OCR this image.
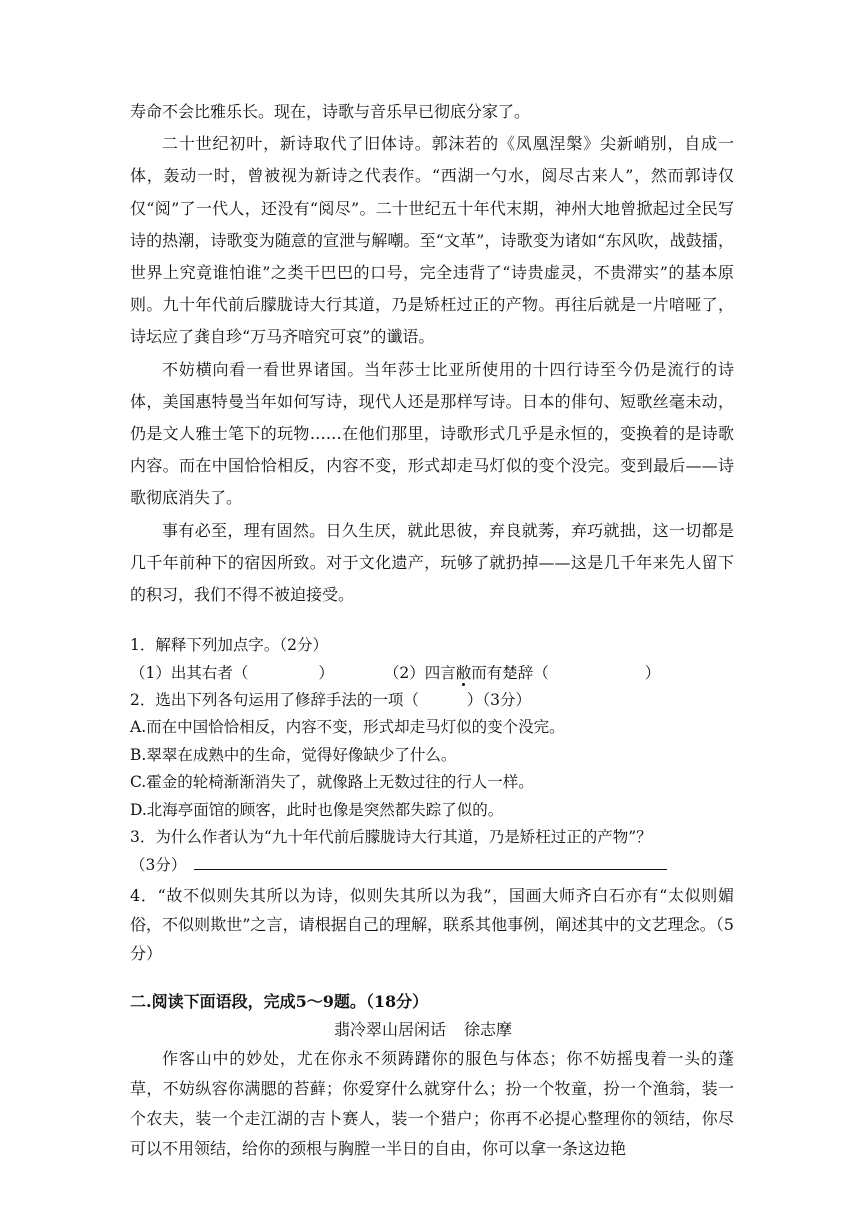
寿命不会比雅乐长。现在，诗歌与音乐早已彻底分家了。

二十世纪初叶，新诗取代了旧体诗。郭沫若的《凤凰涅槃》尖新峭别，自成一体，轰动一时，曾被视为新诗之代表作。“西湖一勺水，阅尽古来人”，然而郭诗仅仅“阅”了一代人，还没有“阅尽”。二十世纪五十年代末期，神州大地曾掀起过全民写诗的热潮，诗歌变为随意的宣泄与解嘲。至“文革”，诗歌变为诸如“东风吹，战鼓擂，世界上究竟谁怕谁”之类干巴巴的口号，完全违背了“诗贵虚灵，不贵滞实”的基本原则。九十年代前后朦胧诗大行其道，乃是矫枉过正的产物。再往后就是一片喑哑了，诗坛应了龚自珍“万马齐喑究可哀”的谶语。

不妨横向看一看世界诸国。当年莎士比亚所使用的十四行诗至今仍是流行的诗体，美国惠特曼当年如何写诗，现代人还是那样写诗。日本的俳句、短歌丝毫未动，仍是文人雅士笔下的玩物……在他们那里，诗歌形式几乎是永恒的，变换着的是诗歌内容。而在中国恰恰相反，内容不变，形式却走马灯似的变个没完。变到最后——诗歌彻底消失了。

事有必至，理有固然。日久生厌，就此思彼，弃良就莠，弃巧就拙，这一切都是几千年前种下的宿因所致。对于文化遗产，玩够了就扔掉——这是几千年来先人留下的积习，我们不得不被迫接受。

1．解释下列加点字。（2分）

（1）出其右者（	）	（2）四言敝而有楚辞（	）

2．选出下列各句运用了修辞手法的一项（	）（3分）

A.而在中国恰恰相反，内容不变，形式却走马灯似的变个没完。

B.翠翠在成熟中的生命，觉得好像缺少了什么。

C.霍金的轮椅渐渐消失了，就像路上无数过往的行人一样。

D.北海亭面馆的顾客，此时也像是突然都失踪了似的。

3．为什么作者认为“九十年代前后朦胧诗大行其道，乃是矫枉过正的产物”？

（3分）

4．“故不似则失其所以为诗，似则失其所以为我”，国画大师齐白石亦有“太似则媚俗，不似则欺世”之言，请根据自己的理解，联系其他事例，阐述其中的文艺理念。（5分）

二.阅读下面语段，完成5～9题。（18分）

翡冷翠山居闲话 徐志摩

作客山中的妙处，尤在你永不须踌躇你的服色与体态；你不妨摇曳着一头的蓬草，不妨纵容你满腮的苔藓；你爱穿什么就穿什么；扮一个牧童，扮一个渔翁，装一个农夫，装一个走江湖的吉卜赛人，装一个猎户；你再不必提心整理你的领结，你尽可以不用领结，给你的颈根与胸膛一半日的自由，你可以拿一条这边艳
